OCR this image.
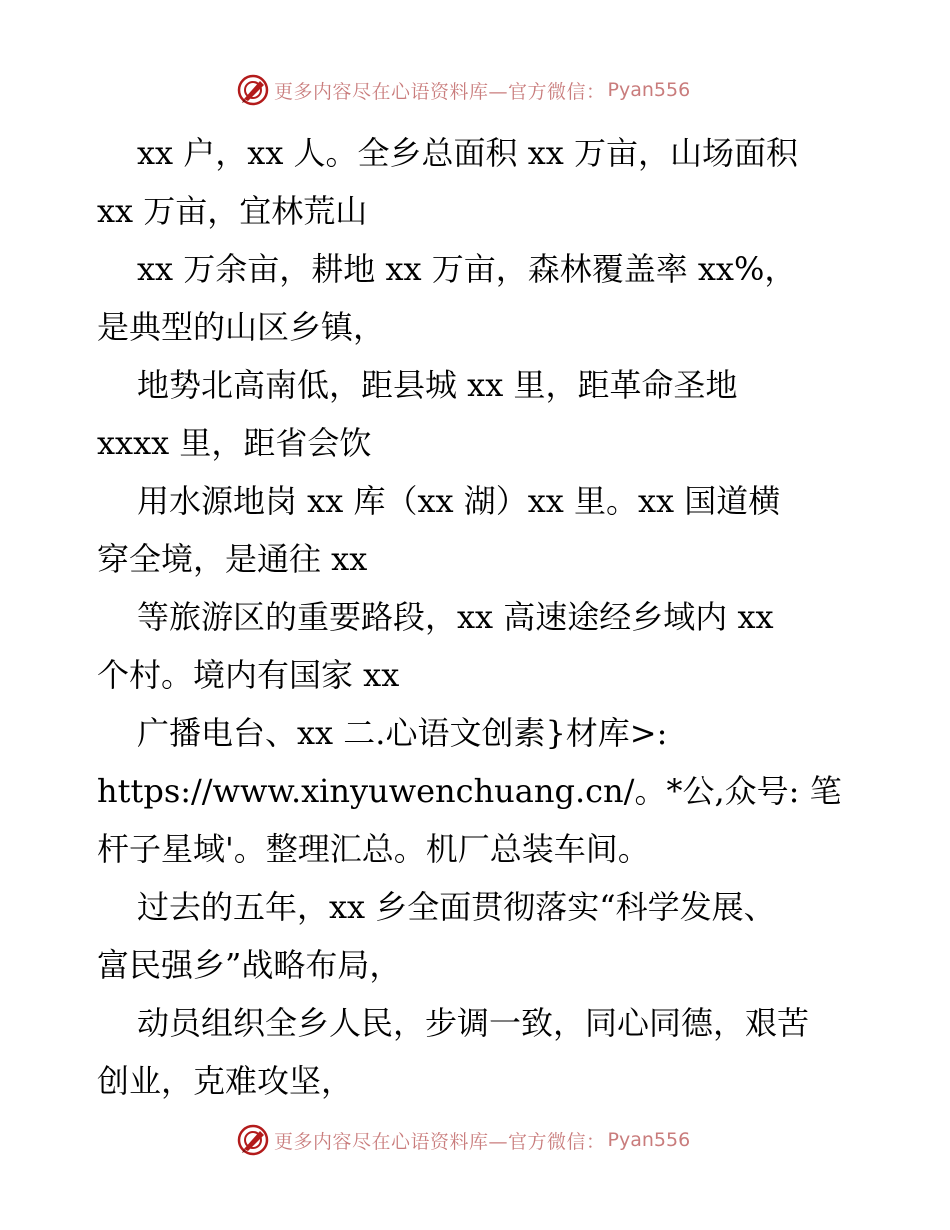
更多内容尽在心语资料库—官方微信： Pyan556
xx 户，xx 人。全乡总面积 xx 万亩，山场面积
xx 万亩，宜林荒山
xx 万余亩，耕地 xx 万亩，森林覆盖率 xx%，
是典型的山区乡镇，
地势北高南低，距县城 xx 里，距革命圣地
xxxx 里，距省会饮
用水源地岗 xx 库（xx 湖）xx 里。xx 国道横
穿全境，是通往 xx
等旅游区的重要路段，xx 高速途经乡域内 xx
个村。境内有国家 xx
广播电台、xx 二.心语文创素}材库>:
https://www.xinyuwenchuang.cn/。*公,众号: 笔
杆子星域'。整理汇总。机厂总装车间。
过去的五年，xx 乡全面贯彻落实“科学发展、
富民强乡”战略布局，
动员组织全乡人民，步调一致，同心同德，艰苦
创业，克难攻坚，
更多内容尽在心语资料库—官方微信： Pyan556
